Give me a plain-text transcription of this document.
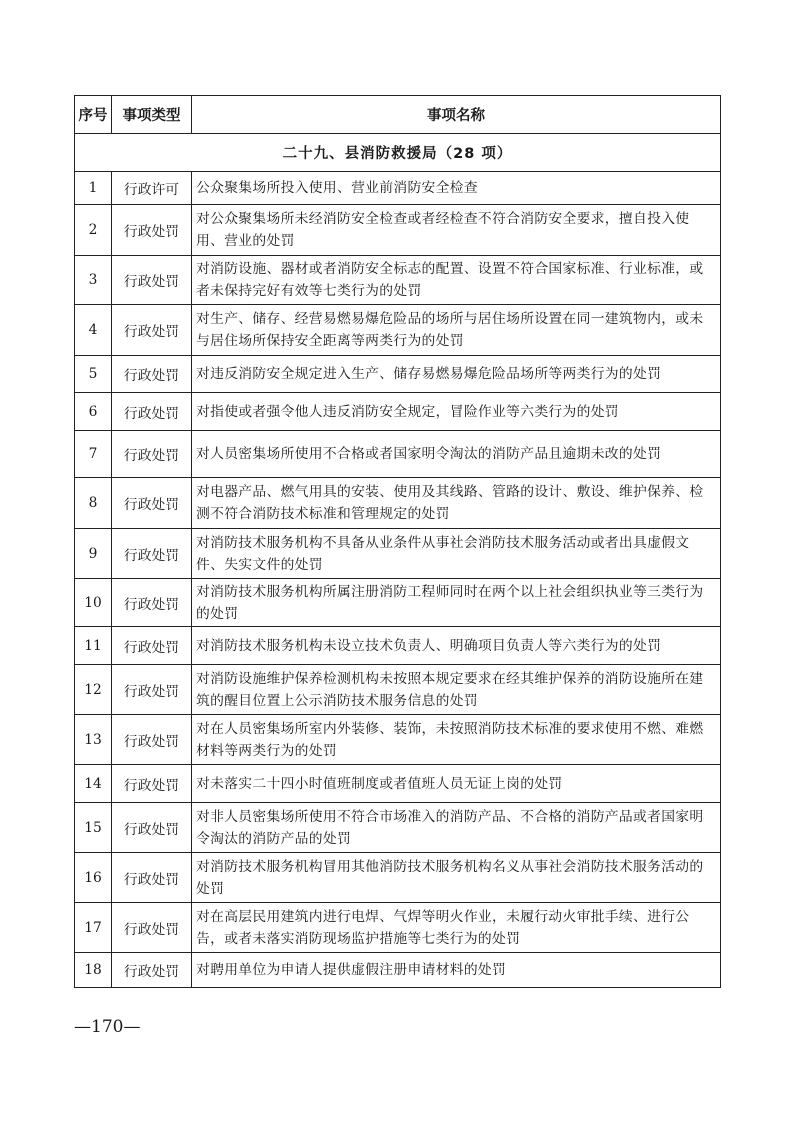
序号	事项类型	事项名称
二十九、县消防救援局（28 项）		
1	行政许可	公众聚集场所投入使用、营业前消防安全检查
2	行政处罚	对公众聚集场所未经消防安全检查或者经检查不符合消防安全要求，擅自投入使用、营业的处罚
3	行政处罚	对消防设施、器材或者消防安全标志的配置、设置不符合国家标准、行业标准，或者未保持完好有效等七类行为的处罚
4	行政处罚	对生产、储存、经营易燃易爆危险品的场所与居住场所设置在同一建筑物内，或未与居住场所保持安全距离等两类行为的处罚
5	行政处罚	对违反消防安全规定进入生产、储存易燃易爆危险品场所等两类行为的处罚
6	行政处罚	对指使或者强令他人违反消防安全规定，冒险作业等六类行为的处罚
7	行政处罚	对人员密集场所使用不合格或者国家明令淘汰的消防产品且逾期未改的处罚
8	行政处罚	对电器产品、燃气用具的安装、使用及其线路、管路的设计、敷设、维护保养、检测不符合消防技术标准和管理规定的处罚
9	行政处罚	对消防技术服务机构不具备从业条件从事社会消防技术服务活动或者出具虚假文件、失实文件的处罚
10	行政处罚	对消防技术服务机构所属注册消防工程师同时在两个以上社会组织执业等三类行为的处罚
11	行政处罚	对消防技术服务机构未设立技术负责人、明确项目负责人等六类行为的处罚
12	行政处罚	对消防设施维护保养检测机构未按照本规定要求在经其维护保养的消防设施所在建筑的醒目位置上公示消防技术服务信息的处罚
13	行政处罚	对在人员密集场所室内外装修、装饰，未按照消防技术标准的要求使用不燃、难燃材料等两类行为的处罚
14	行政处罚	对未落实二十四小时值班制度或者值班人员无证上岗的处罚
15	行政处罚	对非人员密集场所使用不符合市场准入的消防产品、不合格的消防产品或者国家明令淘汰的消防产品的处罚
16	行政处罚	对消防技术服务机构冒用其他消防技术服务机构名义从事社会消防技术服务活动的处罚
17	行政处罚	对在高层民用建筑内进行电焊、气焊等明火作业，未履行动火审批手续、进行公告，或者未落实消防现场监护措施等七类行为的处罚
18	行政处罚	对聘用单位为申请人提供虚假注册申请材料的处罚
—170—
